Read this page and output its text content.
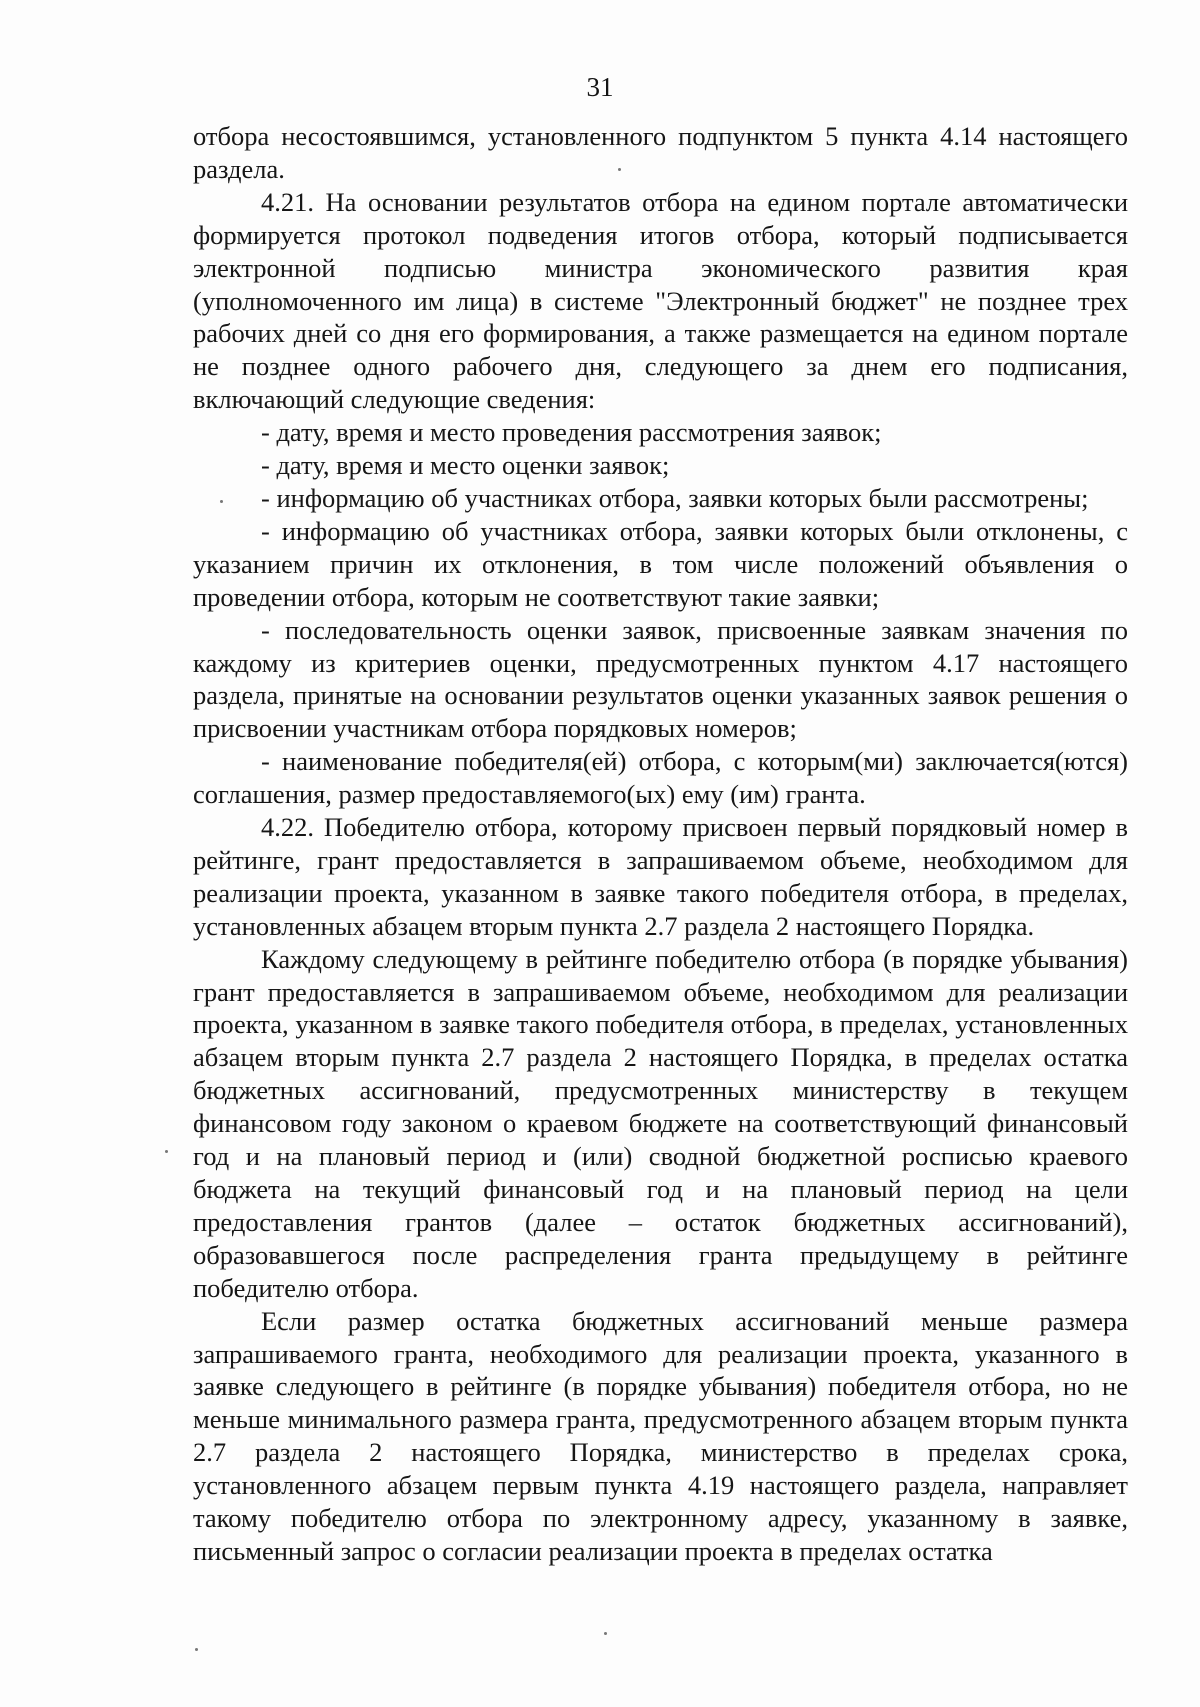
31

отбора несостоявшимся, установленного подпунктом 5 пункта 4.14 настоящего раздела.

4.21. На основании результатов отбора на едином портале автоматически формируется протокол подведения итогов отбора, который подписывается электронной подписью министра экономического развития края (уполномоченного им лица) в системе "Электронный бюджет" не позднее трех рабочих дней со дня его формирования, а также размещается на едином портале не позднее одного рабочего дня, следующего за днем его подписания, включающий следующие сведения:

- дату, время и место проведения рассмотрения заявок;

- дату, время и место оценки заявок;

- информацию об участниках отбора, заявки которых были рассмотрены;

- информацию об участниках отбора, заявки которых были отклонены, с указанием причин их отклонения, в том числе положений объявления о проведении отбора, которым не соответствуют такие заявки;

- последовательность оценки заявок, присвоенные заявкам значения по каждому из критериев оценки, предусмотренных пунктом 4.17 настоящего раздела, принятые на основании результатов оценки указанных заявок решения о присвоении участникам отбора порядковых номеров;

- наименование победителя(ей) отбора, с которым(ми) заключается(ются) соглашения, размер предоставляемого(ых) ему (им) гранта.

4.22. Победителю отбора, которому присвоен первый порядковый номер в рейтинге, грант предоставляется в запрашиваемом объеме, необходимом для реализации проекта, указанном в заявке такого победителя отбора, в пределах, установленных абзацем вторым пункта 2.7 раздела 2 настоящего Порядка.

Каждому следующему в рейтинге победителю отбора (в порядке убывания) грант предоставляется в запрашиваемом объеме, необходимом для реализации проекта, указанном в заявке такого победителя отбора, в пределах, установленных абзацем вторым пункта 2.7 раздела 2 настоящего Порядка, в пределах остатка бюджетных ассигнований, предусмотренных министерству в текущем финансовом году законом о краевом бюджете на соответствующий финансовый год и на плановый период и (или) сводной бюджетной росписью краевого бюджета на текущий финансовый год и на плановый период на цели предоставления грантов (далее – остаток бюджетных ассигнований), образовавшегося после распределения гранта предыдущему в рейтинге победителю отбора.

Если размер остатка бюджетных ассигнований меньше размера запрашиваемого гранта, необходимого для реализации проекта, указанного в заявке следующего в рейтинге (в порядке убывания) победителя отбора, но не меньше минимального размера гранта, предусмотренного абзацем вторым пункта 2.7 раздела 2 настоящего Порядка, министерство в пределах срока, установленного абзацем первым пункта 4.19 настоящего раздела, направляет такому победителю отбора по электронному адресу, указанному в заявке, письменный запрос о согласии реализации проекта в пределах остатка
